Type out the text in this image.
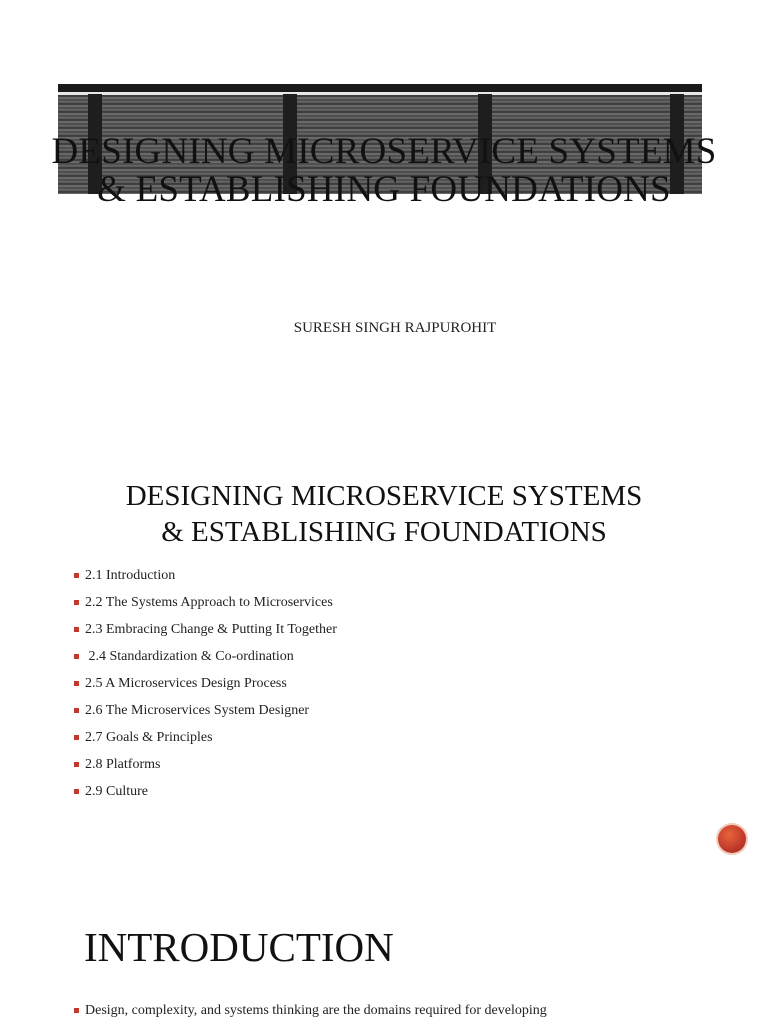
DESIGNING MICROSERVICE SYSTEMS
& ESTABLISHING FOUNDATIONS
SURESH SINGH RAJPUROHIT
DESIGNING MICROSERVICE SYSTEMS
& ESTABLISHING FOUNDATIONS
2.1 Introduction
2.2 The Systems Approach to Microservices
2.3 Embracing Change & Putting It Together
2.4 Standardization & Co-ordination
2.5 A Microservices Design Process
2.6 The Microservices System Designer
2.7 Goals & Principles
2.8 Platforms
2.9 Culture
INTRODUCTION
Design, complexity, and systems thinking are the domains required for developing
